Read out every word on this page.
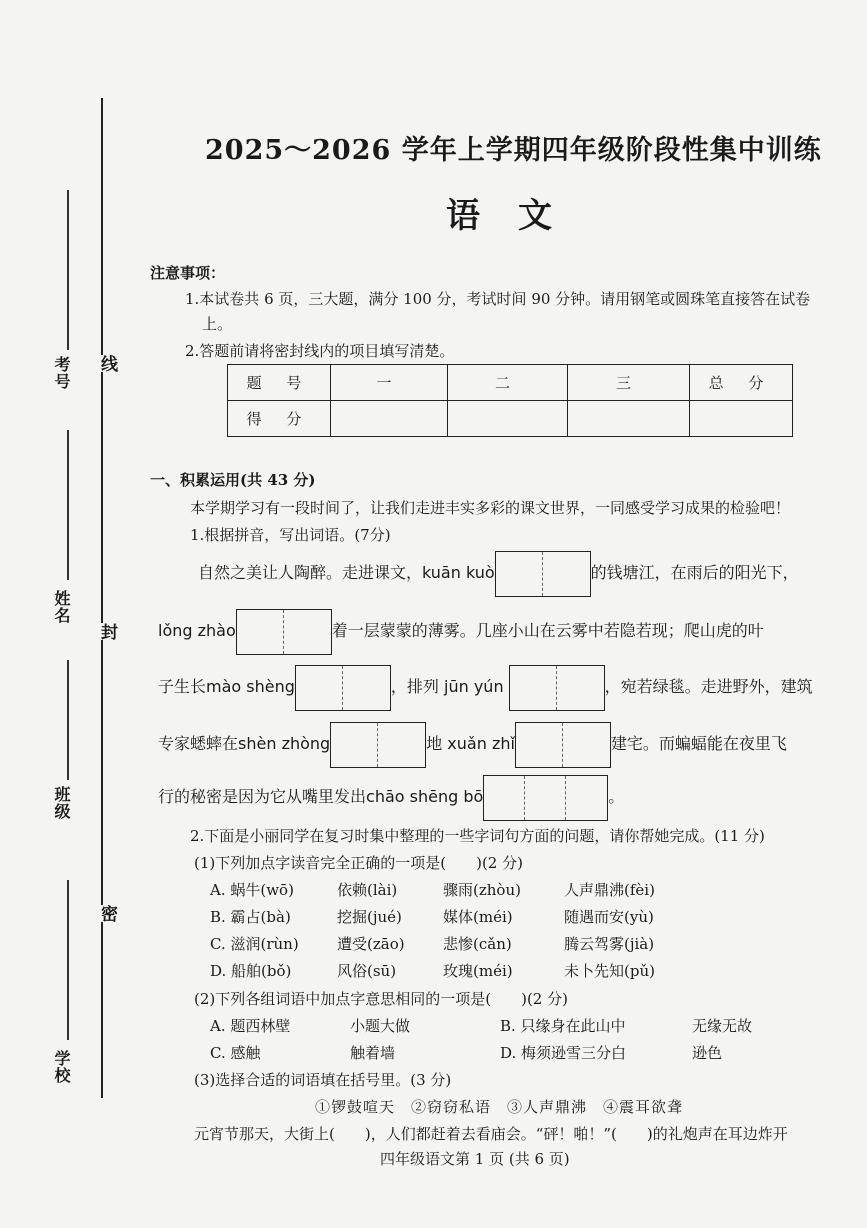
考号
姓名
班级
学校
线
封
密
2025～2026 学年上学期四年级阶段性集中训练
语文
注意事项：
1.本试卷共 6 页，三大题，满分 100 分，考试时间 90 分钟。请用钢笔或圆珠笔直接答在试卷
上。
2.答题前请将密封线内的项目填写清楚。
题 号	一	二	三	总 分
得 分				
一、积累运用(共 43 分)
本学期学习有一段时间了，让我们走进丰实多彩的课文世界，一同感受学习成果的检验吧！
1.根据拼音，写出词语。(7分)
自然之美让人陶醉。走进课文，kuān kuò	的钱塘江，在雨后的阳光下，
lǒng zhào	着一层蒙蒙的薄雾。几座小山在云雾中若隐若现；爬山虎的叶
子生长mào shèng	，排列 jūn yún	，宛若绿毯。走进野外，建筑
专家蟋蟀在shèn zhòng	地 xuǎn zhǐ	建宅。而蝙蝠能在夜里飞
行的秘密是因为它从嘴里发出chāo shēng bō	。
2.下面是小丽同学在复习时集中整理的一些字词句方面的问题，请你帮她完成。(11 分)
(1)下列加点字读音完全正确的一项是(　　)(2 分)
A. 蜗牛(wō)	依赖(lài)	骤雨(zhòu)	人声鼎沸(fèi)
B. 霸占(bà)	挖掘(jué)	媒体(méi)	随遇而安(yù)
C. 滋润(rùn)	遭受(zāo)	悲惨(cǎn)	腾云驾雾(jià)
D. 船舶(bǒ)	风俗(sū)	玫瑰(méi)	未卜先知(pǔ)
(2)下列各组词语中加点字意思相同的一项是(　　)(2 分)
A. 题西林壁	小题大做	B. 只缘身在此山中	无缘无故
C. 感触	触着墙	D. 梅须逊雪三分白	逊色
(3)选择合适的词语填在括号里。(3 分)
①锣鼓喧天　②窃窃私语　③人声鼎沸　④震耳欲聋
元宵节那天，大街上(　　)，人们都赶着去看庙会。“砰！啪！”(　　)的礼炮声在耳边炸开
四年级语文第 1 页 (共 6 页)
